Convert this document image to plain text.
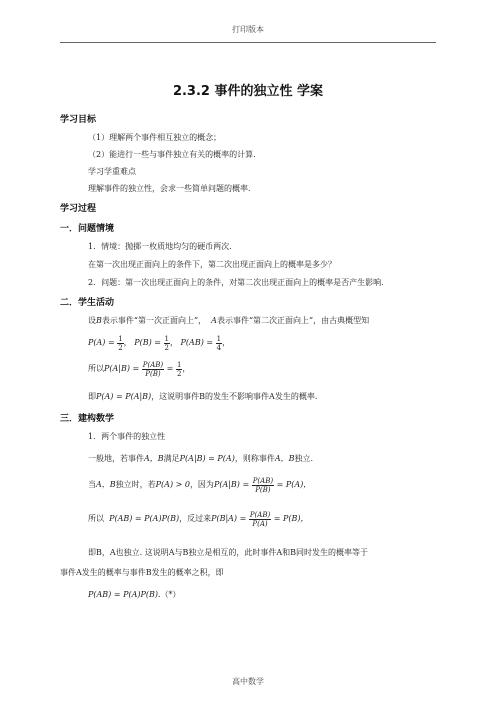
打印版本
2.3.2 事件的独立性 学案
学习目标
（1）理解两个事件相互独立的概念；
（2）能进行一些与事件独立有关的概率的计算.
学习学重难点
理解事件的独立性，会求一些简单问题的概率.
学习过程
一．问题情境
1．情境：抛掷一枚质地均匀的硬币两次.
在第一次出现正面向上的条件下，第二次出现正面向上的概率是多少？
2．问题：第一次出现正面向上的条件，对第二次出现正面向上的概率是否产生影响.
二．学生活动
设B表示事件“第一次正面向上”， A表示事件“第二次正面向上”，由古典概型知
$P(A) = \frac{1}{2}$ ， $P(B) = \frac{1}{2}$ ， $P(AB) = \frac{1}{4}$ ，
所以$P(A|B) = \frac{P(AB)}{P(B)} = \frac{1}{2}$ ，
即P(A) = P(A|B)，这说明事件B的发生不影响事件A发生的概率.
三．建构数学
1．两个事件的独立性
一般地，若事件A，B满足P(A|B) = P(A)，则称事件A，B独立.
当A，B独立时，若P(A) > 0，因为$P(A|B) = \frac{P(AB)}{P(B)} = P(A)$，
所以 P(AB) = P(A)P(B)，反过来$P(B|A) = \frac{P(AB)}{P(A)} = P(B)$，
即B，A也独立. 这说明A与B独立是相互的，此时事件A和B同时发生的概率等于
事件A发生的概率与事件B发生的概率之积，即
P(AB) = P(A)P(B).（*）
高中数学
